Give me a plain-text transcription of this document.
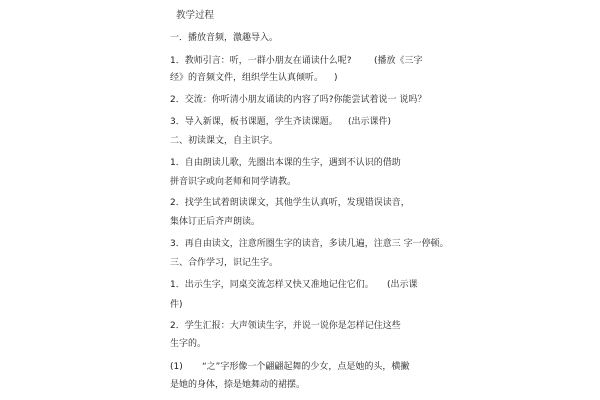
教学过程
一．播放音频，激趣导入。
1．教师引言：听，一群小朋友在诵读什么呢? (播放《三字
经》的音频文件，组织学生认真倾听。 )
2．交流：你听清小朋友诵读的内容了吗?你能尝试着说一 说吗？
3．导入新课，板书课题，学生齐读课题。 (出示课件)
二、初读课文，自主识字。
1．自由朗读儿歌，先圈出本课的生字，遇到不认识的借助
拼音识字或向老师和同学请教。
2．找学生试着朗读课文，其他学生认真听，发现错误读音，
集体订正后齐声朗读。
3．再自由读文，注意所圈生字的读音，多读几遍，注意三 字一停顿。
三、合作学习，识记生字。
1．出示生字，同桌交流怎样又快又准地记住它们。 (出示课
件)
2．学生汇报：大声领读生字，并说一说你是怎样记住这些
生字的。
(1) “之”字形像一个翩翩起舞的少女，点是她的头，横撇
是她的身体，捺是她舞动的裙摆。
